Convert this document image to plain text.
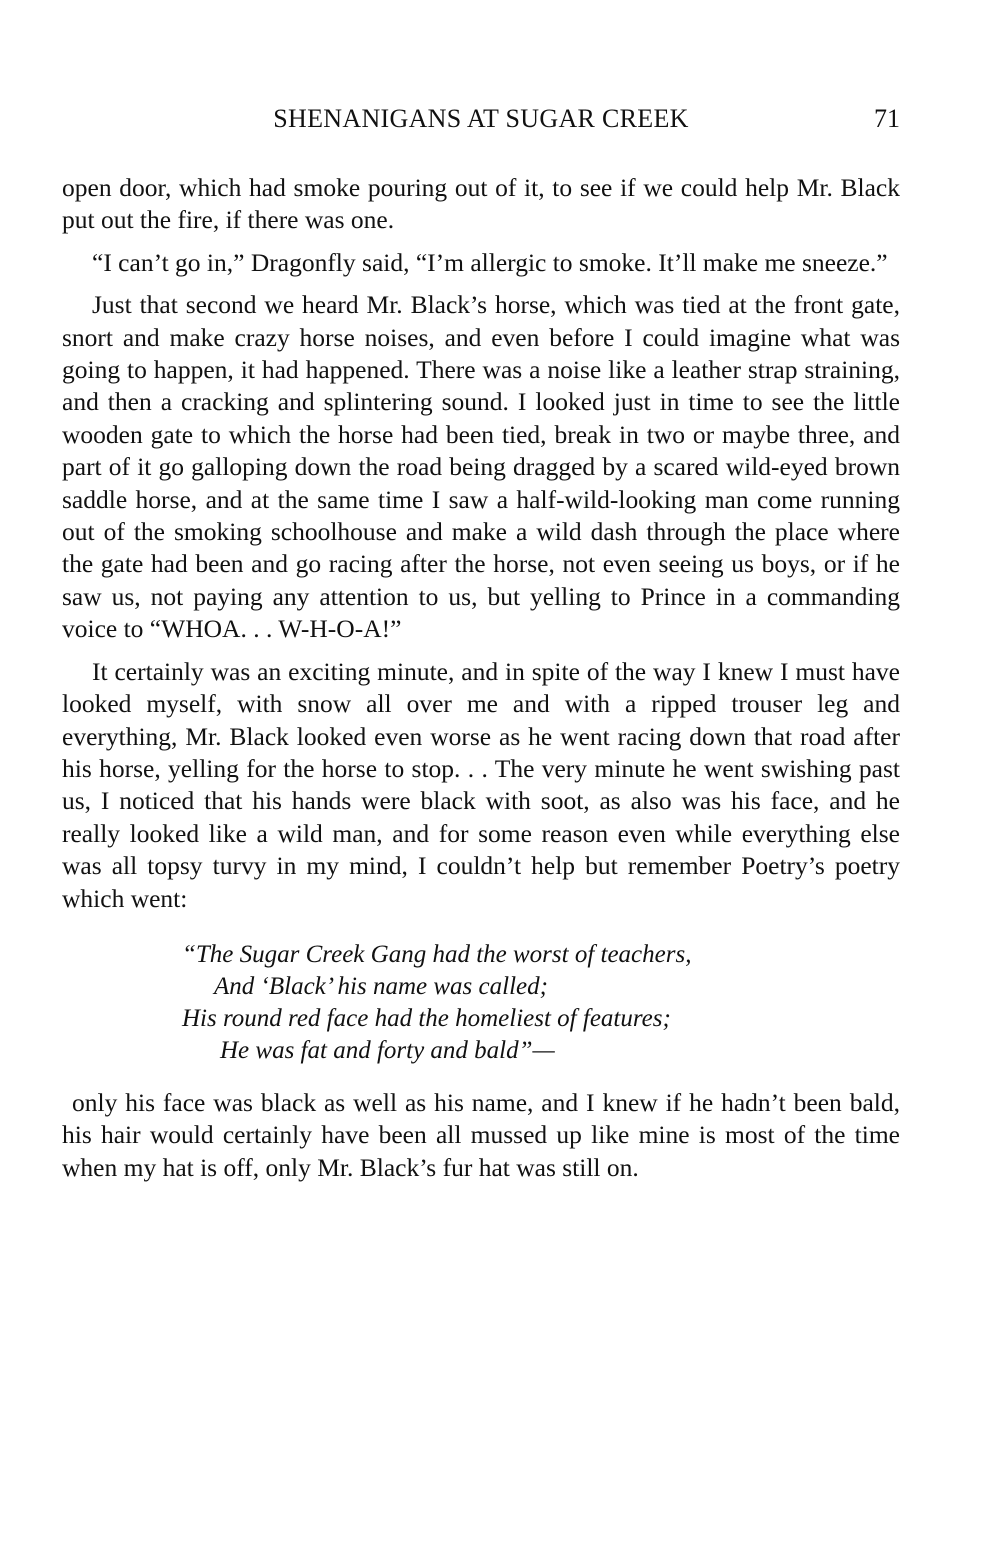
SHENANIGANS AT SUGAR CREEK	71

open door, which had smoke pouring out of it, to see if we could help Mr. Black put out the fire, if there was one.

“I can’t go in,” Dragonfly said, “I’m allergic to smoke. It’ll make me sneeze.”

Just that second we heard Mr. Black’s horse, which was tied at the front gate, snort and make crazy horse noises, and even before I could imagine what was going to happen, it had happened. There was a noise like a leather strap straining, and then a cracking and splintering sound. I looked just in time to see the little wooden gate to which the horse had been tied, break in two or maybe three, and part of it go galloping down the road being dragged by a scared wild-eyed brown saddle horse, and at the same time I saw a half-wild-looking man come running out of the smoking schoolhouse and make a wild dash through the place where the gate had been and go racing after the horse, not even seeing us boys, or if he saw us, not paying any attention to us, but yelling to Prince in a commanding voice to “WHOA. . . W-H-O-A!”

It certainly was an exciting minute, and in spite of the way I knew I must have looked myself, with snow all over me and with a ripped trouser leg and everything, Mr. Black looked even worse as he went racing down that road after his horse, yelling for the horse to stop. . . The very minute he went swishing past us, I noticed that his hands were black with soot, as also was his face, and he really looked like a wild man, and for some reason even while everything else was all topsy turvy in my mind, I couldn’t help but remember Poetry’s poetry which went:

“The Sugar Creek Gang had the worst of teachers,
And ‘Black’ his name was called;
His round red face had the homeliest of features;
He was fat and forty and bald”—

only his face was black as well as his name, and I knew if he hadn’t been bald, his hair would certainly have been all mussed up like mine is most of the time when my hat is off, only Mr. Black’s fur hat was still on.
